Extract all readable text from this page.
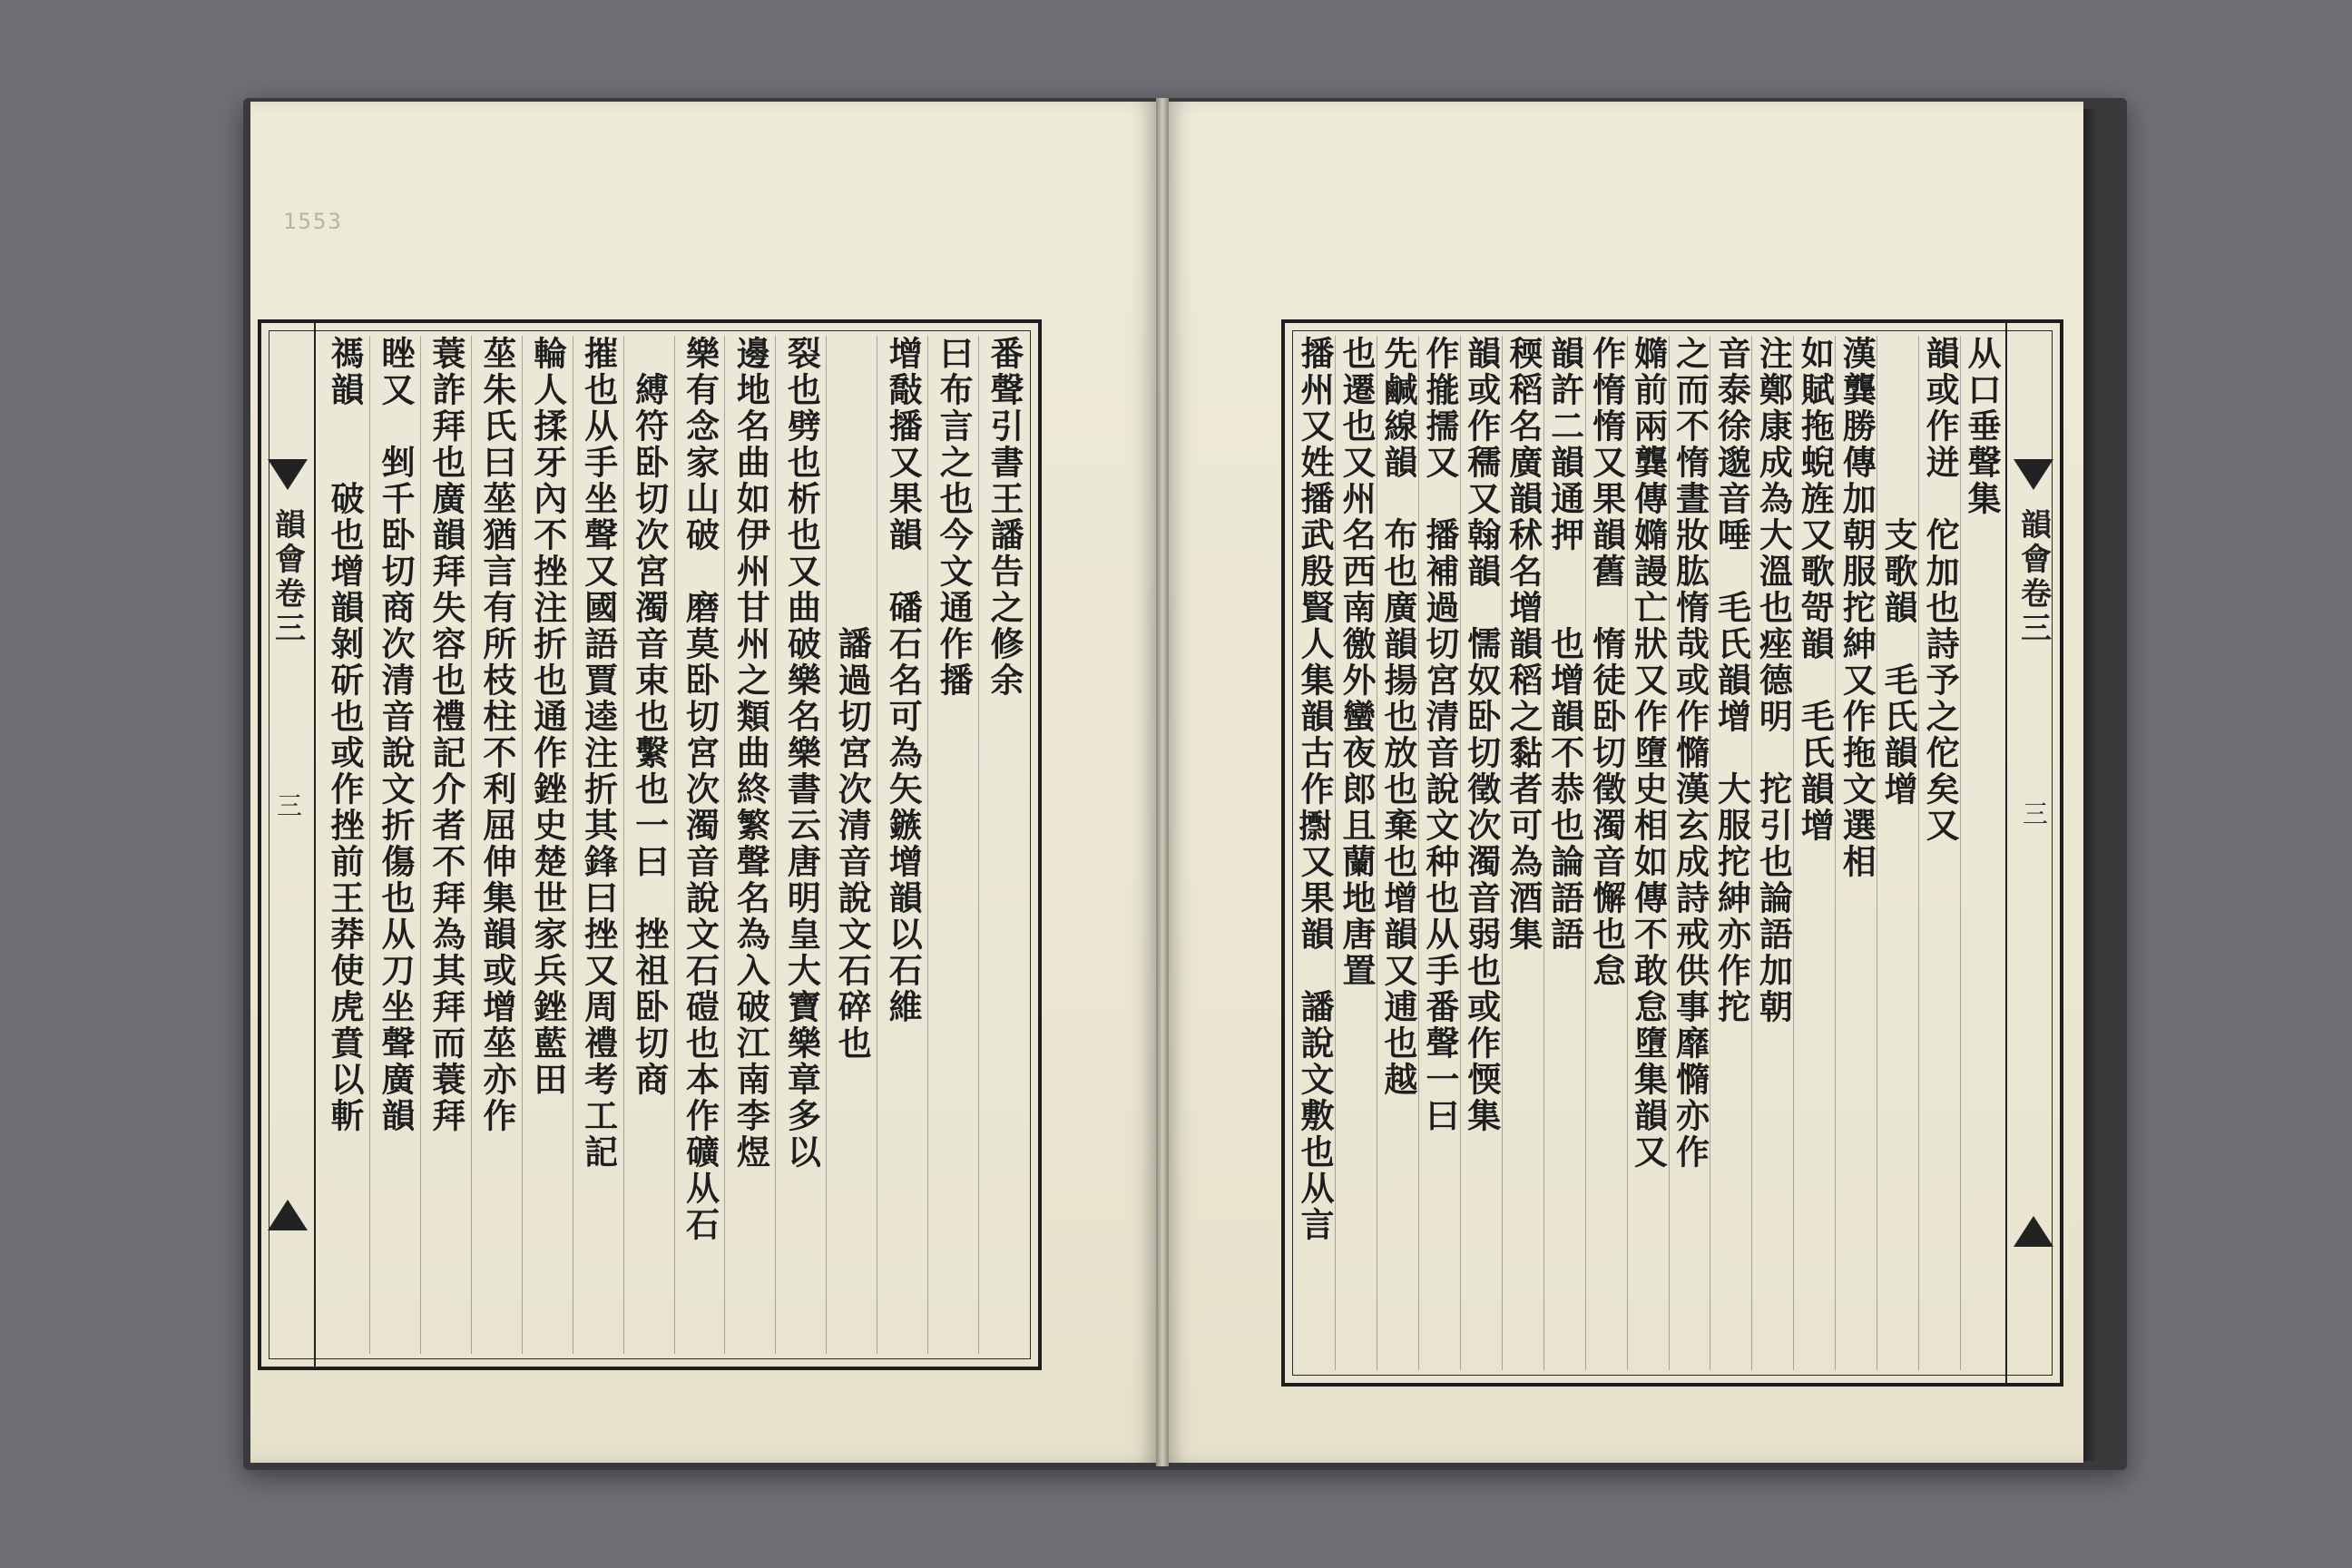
1553
韻會卷三
三
番聲引書王譒告之修余
曰布言之也今文通作播
增敽播又果韻　磻石名可為矢鏃增韻以石維
　　　　　　　　譒過切宮次清音說文石碎也
裂也劈也析也又曲破樂名樂書云唐明皇大寶樂章多以
邊地名曲如伊州甘州之類曲終繁聲名為入破江南李煜
樂有念家山破　磨莫卧切宮次濁音說文石磑也本作礦从石
　縛符卧切次宮濁音束也繫也一曰　挫祖卧切商
摧也从手坐聲又國語賈逵注折其鋒曰挫又周禮考工記
輪人揉牙內不挫注折也通作銼史楚世家兵銼藍田
莝朱氏曰莝猶言有所枝柱不利屈伸集韻或增莝亦作
蓑詐拜也廣韻拜失容也禮記介者不拜為其拜而蓑拜
睉又　剉千卧切商次清音說文折傷也从刀坐聲廣韻
禡韻　　破也增韻剝斫也或作挫前王莽使虎賁以斬	韻會卷三
三
从口垂聲集
韻或作迸　佗加也詩予之佗矣又
　　　　　支歌韻　毛氏韻增
漢龔勝傳加朝服拕紳又作拖文選相
如賦拖蜺旌又歌哿韻　毛氏韻增
注鄭康成為大溫也痤德明　拕引也論語加朝
音泰徐邈音唾　毛氏韻增　大服拕紳亦作拕
之而不惰晝妝肱惰哉或作憜漢玄成詩戒供事靡憜亦作
嫷前兩龔傳嫷謾亡狀又作墮史相如傳不敢怠墮集韻又
作惰惰又果韻舊　惰徒卧切徵濁音懈也怠
韻許二韻通押　　也增韻不恭也論語語
稬稻名廣韻秫名增韻稻之黏者可為酒集
韻或作穤又翰韻　懦奴卧切徵次濁音弱也或作愞集
作㨢擩又　播補過切宮清音說文种也从手番聲一曰
先鹹線韻　布也廣韻揚也放也棄也增韻又逋也越
也遷也又州名西南徼外蠻夜郎且蘭地唐置
播州又姓播武殷賢人集韻古作𢷋又果韻　譒說文敷也从言
